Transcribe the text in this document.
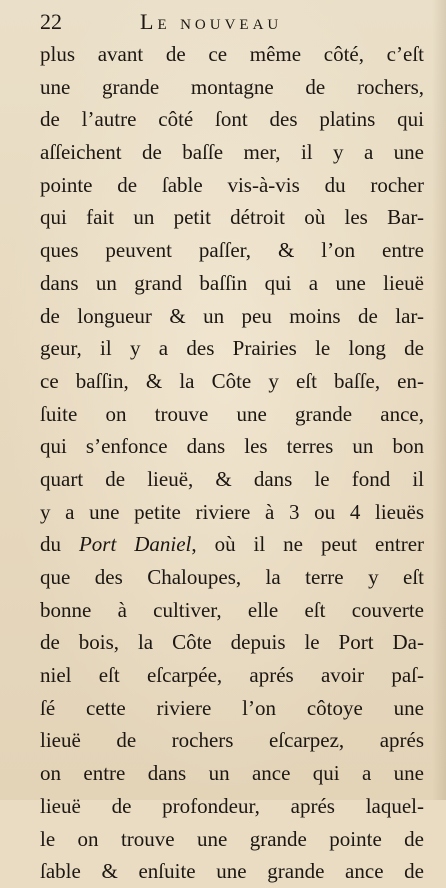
22	Le nouveau
plus avant de ce même côté, c’eſt
une grande montagne de rochers,
de l’autre côté ſont des platins qui
aſſeichent de baſſe mer, il y a une
pointe de ſable vis-à-vis du rocher
qui fait un petit détroit où les Bar-
ques peuvent paſſer, & l’on entre
dans un grand baſſin qui a une lieuë
de longueur & un peu moins de lar-
geur, il y a des Prairies le long de
ce baſſin, & la Côte y eſt baſſe, en-
ſuite on trouve une grande ance,
qui s’enfonce dans les terres un bon
quart de lieuë, & dans le fond il
y a une petite riviere à 3 ou 4 lieuës
du Port Daniel, où il ne peut entrer
que des Chaloupes, la terre y eſt
bonne à cultiver, elle eſt couverte
de bois, la Côte depuis le Port Da-
niel eſt eſcarpée, aprés avoir paſ-
ſé cette riviere l’on côtoye une
lieuë de rochers eſcarpez, aprés
on entre dans un ance qui a une
lieuë de profondeur, aprés laquel-
le on trouve une grande pointe de
ſable & enſuite une grande ance de
